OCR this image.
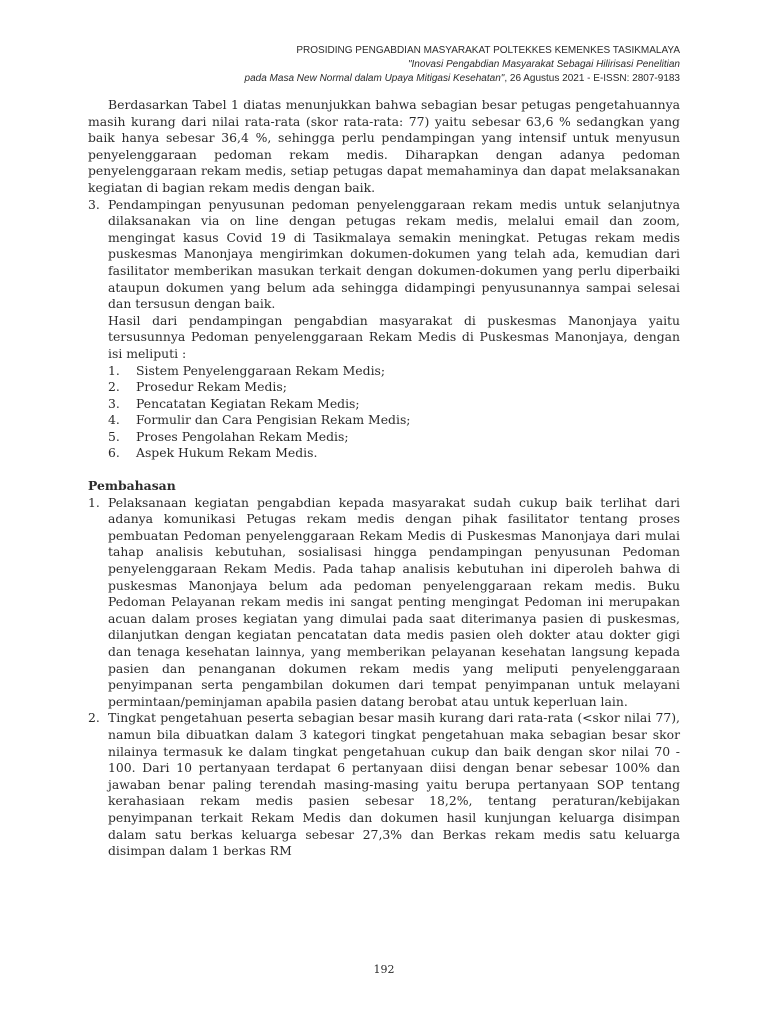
PROSIDING PENGABDIAN MASYARAKAT POLTEKKES KEMENKES TASIKMALAYA
"Inovasi Pengabdian Masyarakat Sebagai Hilirisasi Penelitian
pada Masa New Normal dalam Upaya Mitigasi Kesehatan", 26 Agustus 2021 - E-ISSN: 2807-9183

Berdasarkan Tabel 1 diatas menunjukkan bahwa sebagian besar petugas pengetahuannya masih kurang dari nilai rata-rata (skor rata-rata: 77) yaitu sebesar 63,6 % sedangkan yang baik hanya sebesar 36,4 %, sehingga perlu pendampingan yang intensif untuk menyusun penyelenggaraan pedoman rekam medis. Diharapkan dengan adanya pedoman penyelenggaraan rekam medis, setiap petugas dapat memahaminya dan dapat melaksanakan kegiatan di bagian rekam medis dengan baik.

3. Pendampingan penyusunan pedoman penyelenggaraan rekam medis untuk selanjutnya dilaksanakan via on line dengan petugas rekam medis, melalui email dan zoom, mengingat kasus Covid 19 di Tasikmalaya semakin meningkat. Petugas rekam medis puskesmas Manonjaya mengirimkan dokumen-dokumen yang telah ada, kemudian dari fasilitator memberikan masukan terkait dengan dokumen-dokumen yang perlu diperbaiki ataupun dokumen yang belum ada sehingga didampingi penyusunannya sampai selesai dan tersusun dengan baik.

Hasil dari pendampingan pengabdian masyarakat di puskesmas Manonjaya yaitu tersusunnya Pedoman penyelenggaraan Rekam Medis di Puskesmas Manonjaya, dengan isi meliputi :

1.	Sistem Penyelenggaraan Rekam Medis;
2.	Prosedur Rekam Medis;
3.	Pencatatan Kegiatan Rekam Medis;
4.	Formulir dan Cara Pengisian Rekam Medis;
5.	Proses Pengolahan Rekam Medis;
6.	Aspek Hukum Rekam Medis.

Pembahasan

1. Pelaksanaan kegiatan pengabdian kepada masyarakat sudah cukup baik terlihat dari adanya komunikasi Petugas rekam medis dengan pihak fasilitator tentang proses pembuatan Pedoman penyelenggaraan Rekam Medis di Puskesmas Manonjaya dari mulai tahap analisis kebutuhan, sosialisasi hingga pendampingan penyusunan Pedoman penyelenggaraan Rekam Medis. Pada tahap analisis kebutuhan ini diperoleh bahwa di puskesmas Manonjaya belum ada pedoman penyelenggaraan rekam medis. Buku Pedoman Pelayanan rekam medis ini sangat penting mengingat Pedoman ini merupakan acuan dalam proses kegiatan yang dimulai pada saat diterimanya pasien di puskesmas, dilanjutkan dengan kegiatan pencatatan data medis pasien oleh dokter atau dokter gigi dan tenaga kesehatan lainnya, yang memberikan pelayanan kesehatan langsung kepada pasien dan penanganan dokumen rekam medis yang meliputi penyelenggaraan penyimpanan serta pengambilan dokumen dari tempat penyimpanan untuk melayani permintaan/peminjaman apabila pasien datang berobat atau untuk keperluan lain.
2. Tingkat pengetahuan peserta sebagian besar masih kurang dari rata-rata (<skor nilai 77), namun bila dibuatkan dalam 3 kategori tingkat pengetahuan maka sebagian besar skor nilainya termasuk ke dalam tingkat pengetahuan cukup dan baik dengan skor nilai 70 - 100. Dari 10 pertanyaan terdapat 6 pertanyaan diisi dengan benar sebesar 100% dan jawaban benar paling terendah masing-masing yaitu berupa pertanyaan SOP tentang kerahasiaan rekam medis pasien sebesar 18,2%, tentang peraturan/kebijakan penyimpanan terkait Rekam Medis dan dokumen hasil kunjungan keluarga disimpan dalam satu berkas keluarga sebesar 27,3% dan Berkas rekam medis satu keluarga disimpan dalam 1 berkas RM
192
